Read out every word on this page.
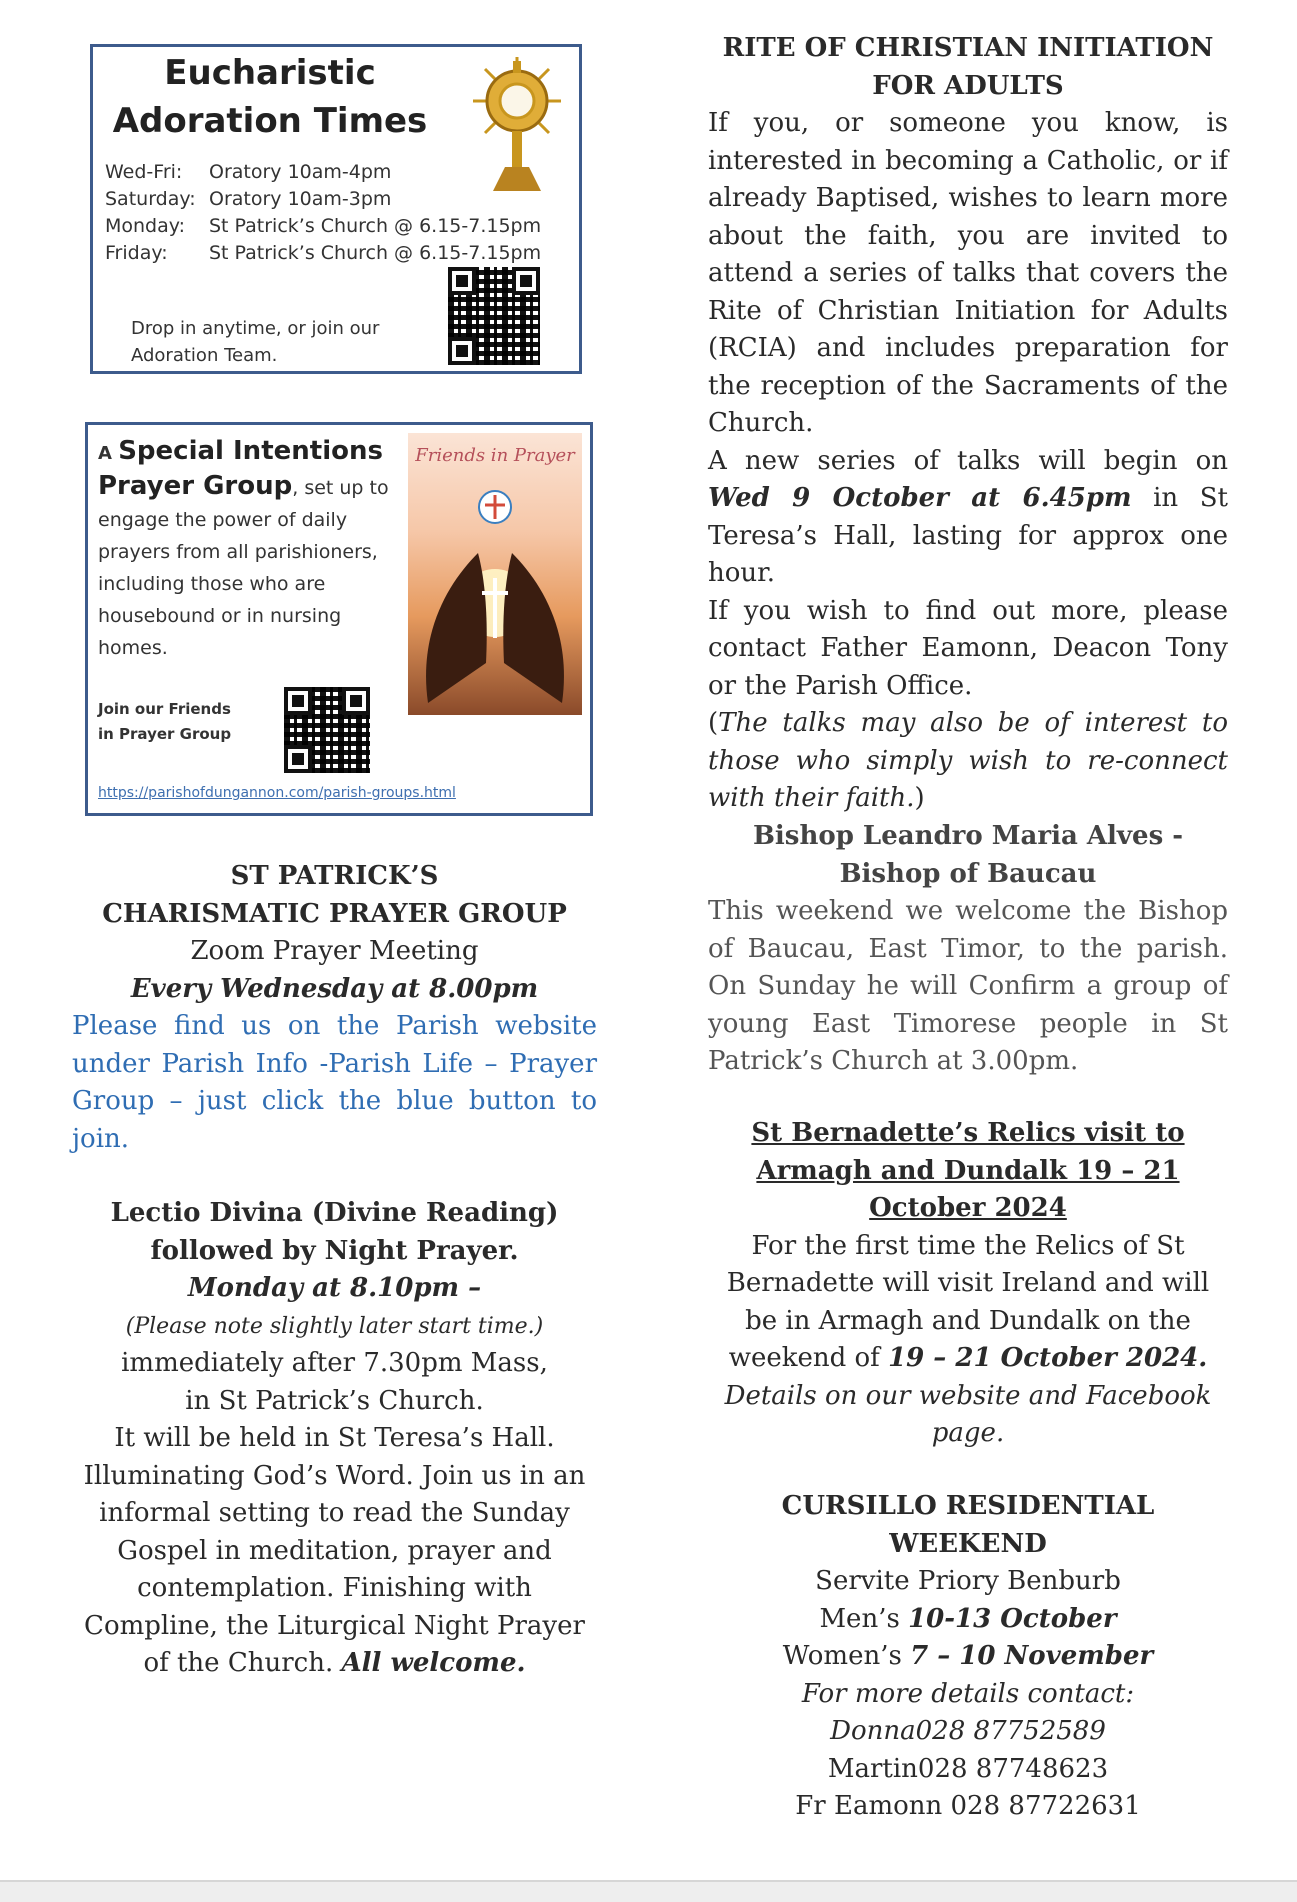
Eucharistic
Adoration Times
Wed-Fri:	Oratory 10am-4pm
Saturday: Oratory 10am-3pm
Monday:	St Patrick’s Church @ 6.15-7.15pm
Friday:	St Patrick’s Church @ 6.15-7.15pm
Drop in anytime, or join our Adoration Team.
A Special Intentions Prayer Group, set up to engage the power of daily prayers from all parishioners, including those who are housebound or in nursing homes.
Friends in Prayer
Join our Friends in Prayer Group
https://parishofdungannon.com/parish-groups.html
ST PATRICK’S
CHARISMATIC PRAYER GROUP
Zoom Prayer Meeting
Every Wednesday at 8.00pm
Please find us on the Parish website under Parish Info -Parish Life – Prayer Group – just click the blue button to join.
Lectio Divina (Divine Reading)
followed by Night Prayer.
Monday at 8.10pm –
(Please note slightly later start time.)
immediately after 7.30pm Mass,
in St Patrick’s Church.
It will be held in St Teresa’s Hall.
Illuminating God’s Word. Join us in an informal setting to read the Sunday Gospel in meditation, prayer and contemplation. Finishing with Compline, the Liturgical Night Prayer of the Church. All welcome.
RITE OF CHRISTIAN INITIATION
FOR ADULTS
If you, or someone you know, is interested in becoming a Catholic, or if already Baptised, wishes to learn more about the faith, you are invited to attend a series of talks that covers the Rite of Christian Initiation for Adults (RCIA) and includes preparation for the reception of the Sacraments of the Church.
A new series of talks will begin on Wed 9 October at 6.45pm in St Teresa’s Hall, lasting for approx one hour.
If you wish to find out more, please contact Father Eamonn, Deacon Tony or the Parish Office.
(The talks may also be of interest to those who simply wish to re-connect with their faith.)
Bishop Leandro Maria Alves -
Bishop of Baucau
This weekend we welcome the Bishop of Baucau, East Timor, to the parish. On Sunday he will Confirm a group of young East Timorese people in St Patrick’s Church at 3.00pm.
St Bernadette’s Relics visit to Armagh and Dundalk 19 – 21 October 2024
For the first time the Relics of St Bernadette will visit Ireland and will be in Armagh and Dundalk on the weekend of 19 – 21 October 2024.
Details on our website and Facebook page.
CURSILLO RESIDENTIAL WEEKEND
Servite Priory Benburb
Men’s 10-13 October
Women’s 7 – 10 November
For more details contact:
Donna028 87752589
Martin028 87748623
Fr Eamonn 028 87722631
